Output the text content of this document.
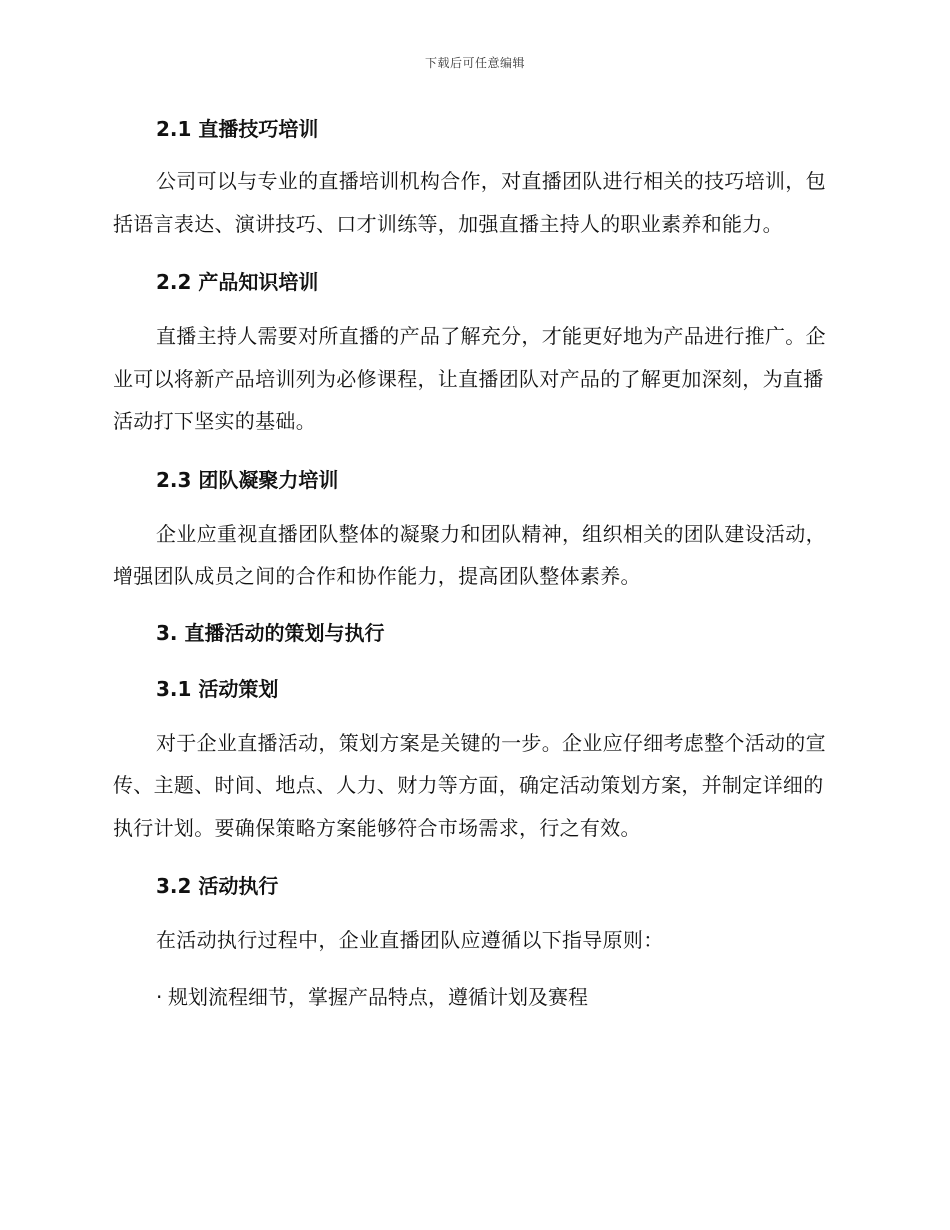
下载后可任意编辑
2.1 直播技巧培训

公司可以与专业的直播培训机构合作，对直播团队进行相关的技巧培训，包括语言表达、演讲技巧、口才训练等，加强直播主持人的职业素养和能力。

2.2 产品知识培训

直播主持人需要对所直播的产品了解充分，才能更好地为产品进行推广。企业可以将新产品培训列为必修课程，让直播团队对产品的了解更加深刻，为直播活动打下坚实的基础。

2.3 团队凝聚力培训

企业应重视直播团队整体的凝聚力和团队精神，组织相关的团队建设活动，增强团队成员之间的合作和协作能力，提高团队整体素养。

3. 直播活动的策划与执行
3.1 活动策划

对于企业直播活动，策划方案是关键的一步。企业应仔细考虑整个活动的宣传、主题、时间、地点、人力、财力等方面，确定活动策划方案，并制定详细的执行计划。要确保策略方案能够符合市场需求，行之有效。

3.2 活动执行

在活动执行过程中，企业直播团队应遵循以下指导原则：

· 规划流程细节，掌握产品特点，遵循计划及赛程
